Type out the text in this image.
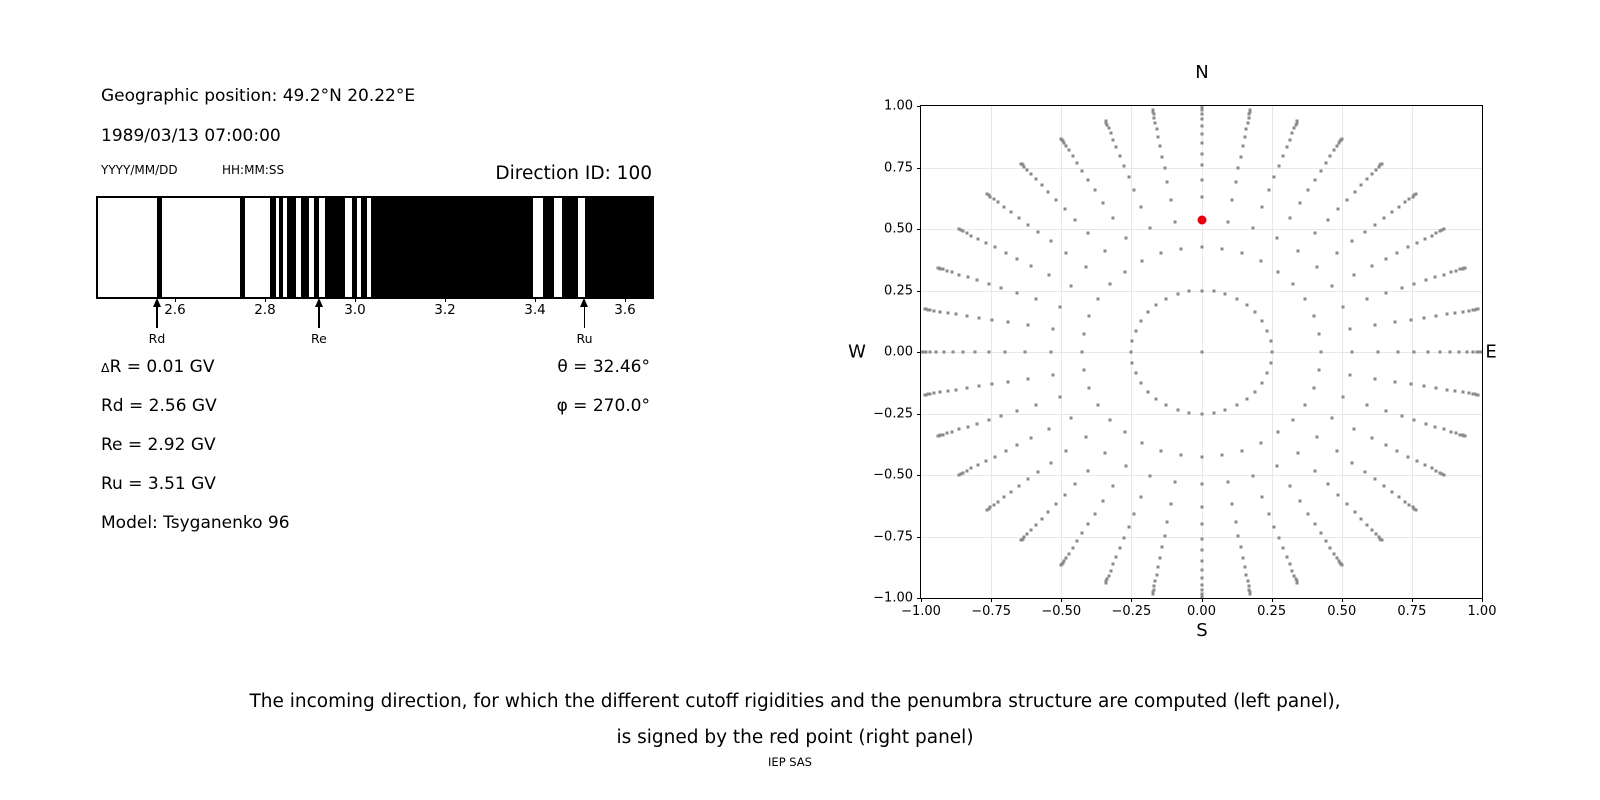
Geographic position: 49.2°N 20.22°E
1989/03/13 07:00:00
YYYY/MM/DD	HH:MM:SS	Direction ID: 100
2.6	2.8	3.0	3.2	3.4	3.6
Rd	Re	Ru
ΔR = 0.01 GV
Rd = 2.56 GV
Re = 2.92 GV
Ru = 3.51 GV
Model: Tsyganenko 96
θ = 32.46°
φ = 270.0°
N
S
W	E
−1.00 −0.75 −0.50 −0.25	0.00	0.25	0.50	0.75	1.00
−1.00
−0.75
−0.50
−0.25
0.00
0.25
0.50
0.75
1.00
The incoming direction, for which the different cutoff rigidities and the penumbra structure are computed (left panel),
is signed by the red point (right panel)
IEP SAS
